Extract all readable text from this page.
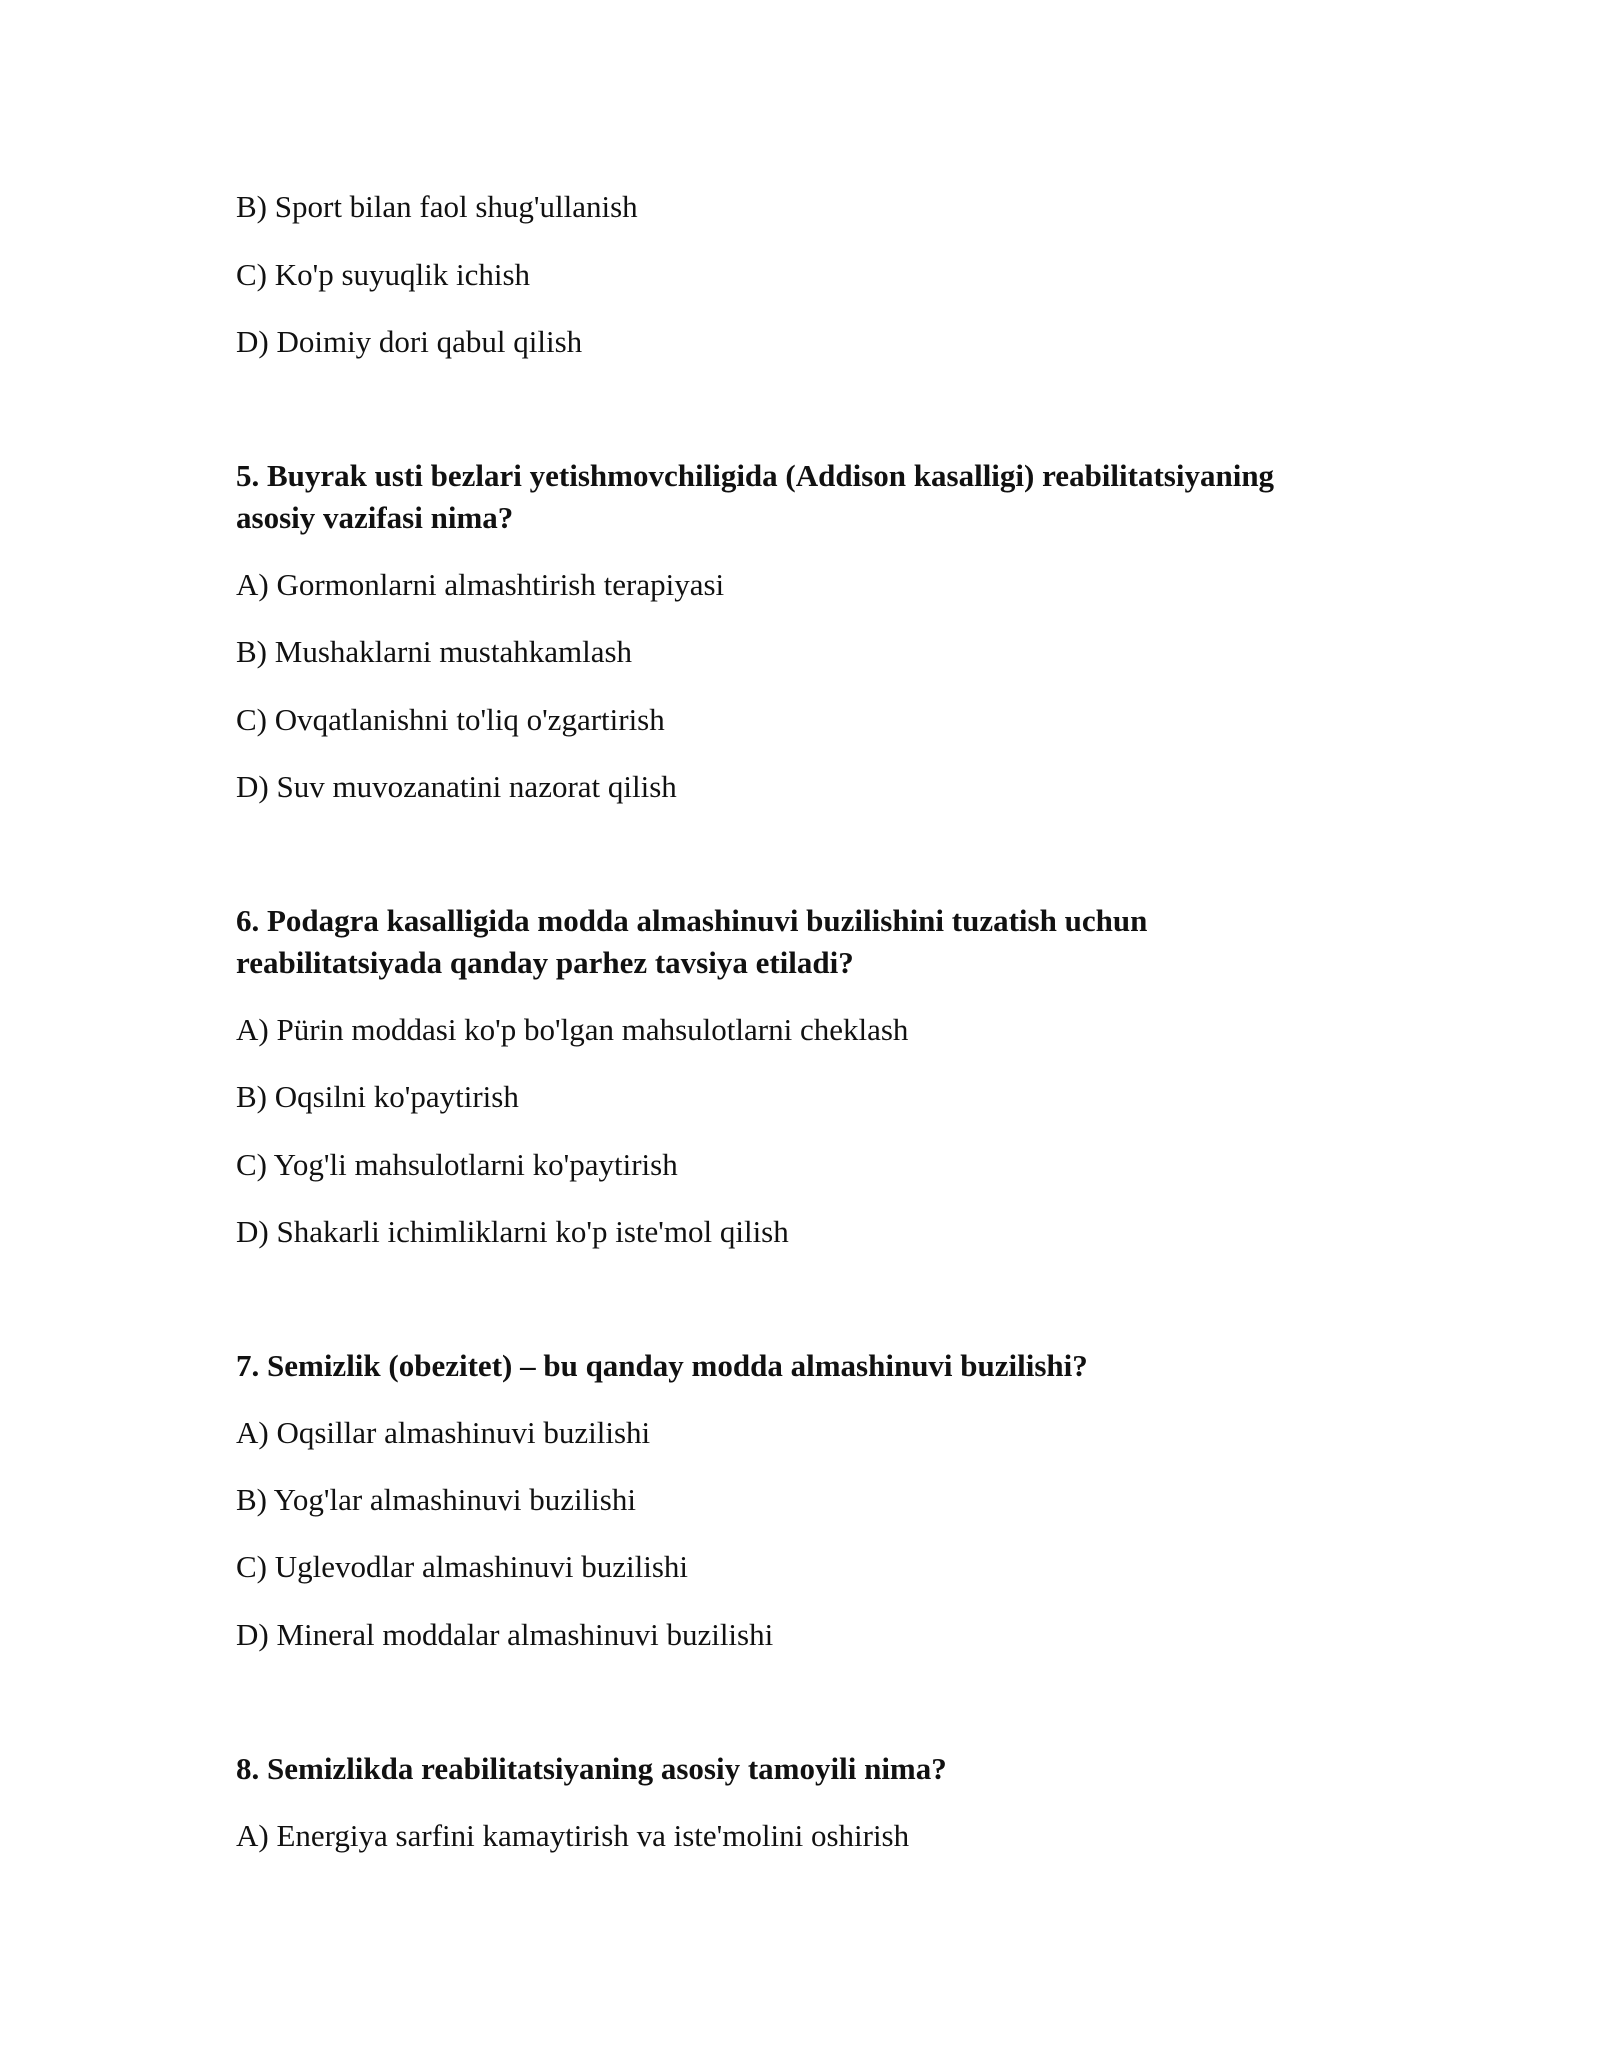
B) Sport bilan faol shug'ullanish
C) Ko'p suyuqlik ichish
D) Doimiy dori qabul qilish
5. Buyrak usti bezlari yetishmovchiligida (Addison kasalligi) reabilitatsiyaning
asosiy vazifasi nima?
A) Gormonlarni almashtirish terapiyasi
B) Mushaklarni mustahkamlash
C) Ovqatlanishni to'liq o'zgartirish
D) Suv muvozanatini nazorat qilish
6. Podagra kasalligida modda almashinuvi buzilishini tuzatish uchun
reabilitatsiyada qanday parhez tavsiya etiladi?
A) Pürin moddasi ko'p bo'lgan mahsulotlarni cheklash
B) Oqsilni ko'paytirish
C) Yog'li mahsulotlarni ko'paytirish
D) Shakarli ichimliklarni ko'p iste'mol qilish
7. Semizlik (obezitet) – bu qanday modda almashinuvi buzilishi?
A) Oqsillar almashinuvi buzilishi
B) Yog'lar almashinuvi buzilishi
C) Uglevodlar almashinuvi buzilishi
D) Mineral moddalar almashinuvi buzilishi
8. Semizlikda reabilitatsiyaning asosiy tamoyili nima?
A) Energiya sarfini kamaytirish va iste'molini oshirish
